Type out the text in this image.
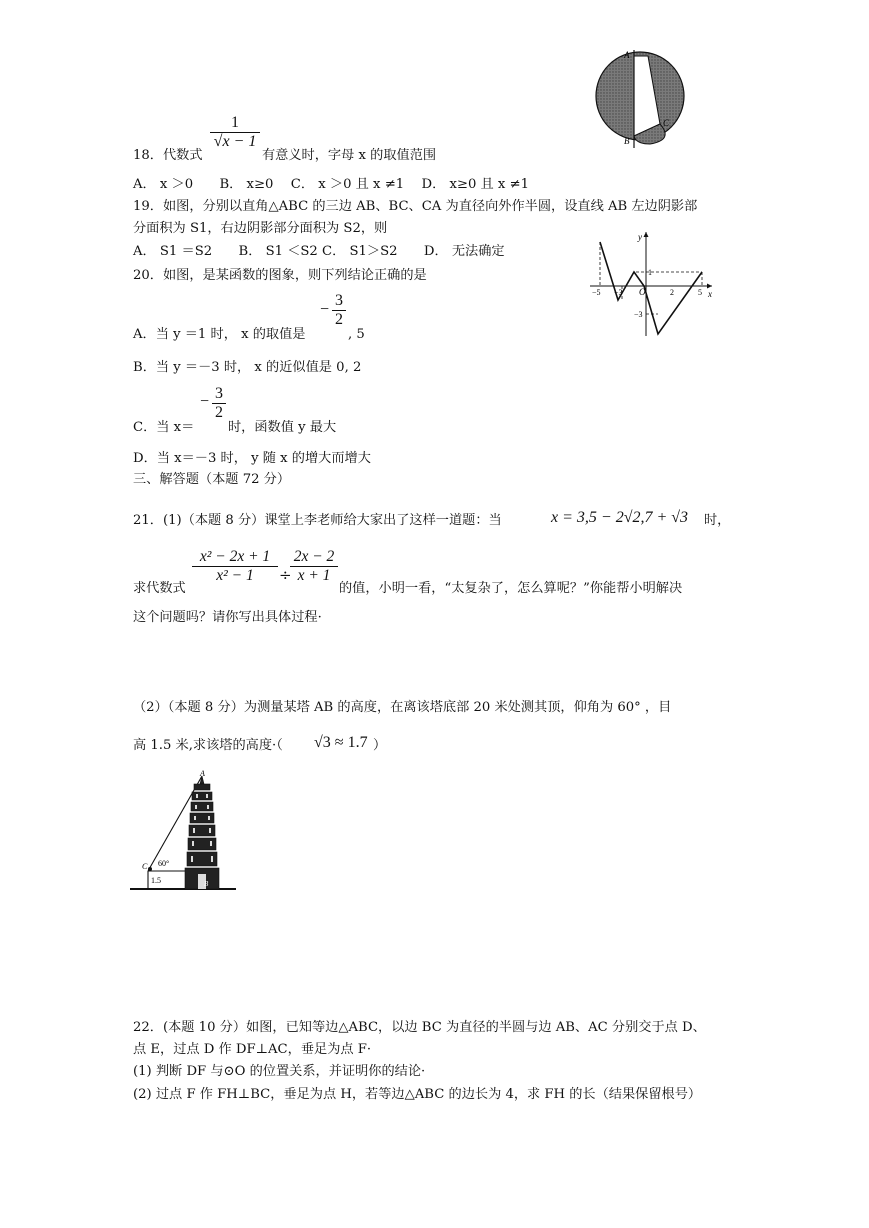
A
B
C
1
√x − 1
18．代数式	有意义时，字母 x 的取值范围
A． x ＞0　　B． x≥0　 C． x ＞0 且 x ≠1　 D． x≥0 且 x ≠1
19．如图，分别以直角△ABC 的三边 AB、BC、CA 为直径向外作半圆，设直线 AB 左边阴影部
分面积为 S1，右边阴影部分面积为 S2，则
A． S1 ＝S2　　B． S1 ＜S2 C． S1＞S2　　D． 无法确定
y
x
O
−5 −3	2	5
1
−3
20．如图，是某函数的图象，则下列结论正确的是
−
3
2
A．当 y ＝1 时， x 的取值是	, 5
B．当 y ＝－3 时， x 的近似值是 0, 2
− 3
2
C．当 x＝	时，函数值 y 最大
D．当 x＝－3 时， y 随 x 的增大而增大
三、解答题（本题 72 分）
21．(1)（本题 8 分）课堂上李老师给大家出了这样一道题：当	x = 3,5 − 2√2,7 + √3 时，
求代数式
x² − 2x + 1
x² − 1	÷
2x − 2
x + 1
的值，小明一看，“太复杂了，怎么算呢？”你能帮小明解决
这个问题吗？请你写出具体过程·
（2）（本题 8 分）为测量某塔 AB 的高度，在离该塔底部 20 米处测其顶，仰角为 60° ，目
高 1.5 米,求该塔的高度·（ √3 ≈ 1.7 ）
A
C
B
60°
1.5
22．(本题 10 分）如图，已知等边△ABC，以边 BC 为直径的半圆与边 AB、AC 分别交于点 D、
点 E，过点 D 作 DF⊥AC，垂足为点 F·
(1) 判断 DF 与⊙O 的位置关系，并证明你的结论·
(2) 过点 F 作 FH⊥BC，垂足为点 H，若等边△ABC 的边长为 4，求 FH 的长（结果保留根号）
